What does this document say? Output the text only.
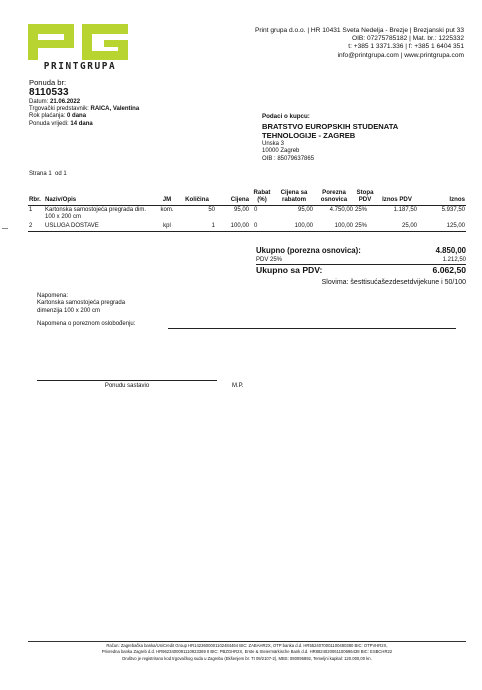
PRINTGRUPA
Print grupa d.o.o. | HR 10431 Sveta Nedelja - Brezje | Brezjanski put 33
OIB: 07275785182 | Mat. br.: 1225332
t: +385 1 3371.336 | f: +385 1 6404 351
info@printgrupa.com | www.printgrupa.com
Ponuda br:
8110533
Datum: 21.06.2022
Trgovački predstavnik: RAICA, Valentina
Rok plaćanja: 0 dana
Ponuda vrijedi: 14 dana
Podaci o kupcu:
BRATSTVO EUROPSKIH STUDENATA
TEHNOLOGIJE - ZAGREB
Unska 3
10000 Zagreb
OIB : 85079637865
Strana 1 od 1
Rbr.	Naziv/Opis	JM	Količina	Cijena	Rabat (%)	Cijena sa rabatom	Porezna osnovica	Stopa PDV	Iznos PDV	Iznos
1	Kartonska samostojeća pregrada dim. 100 x 200 cm	kom.	50	95,00	0	95,00	4.750,00	25%	1.187,50	5.937,50
2	USLUGA DOSTAVE	kpl	1	100,00	0	100,00	100,00	25%	25,00	125,00
Ukupno (porezna osnovica):	4.850,00
PDV 25%	1.212,50
Ukupno sa PDV:	6.062,50
Slovima: šesttisućašezdesetdvijekune i 50/100
Napomena:
Kartonska samostojeća pregrada
dimenzija 100 x 200 cm
Napomena o poreznom oslobođenju:
Ponudu sastavio	M.P.
Račun: Zagrebačka banka/UniCredit Group HR1423600001102484464 BIC: ZABAHR2X, OTP banka d.d. HR5524070001100480380 BIC: OTPVHR2X,
Privredna banka Zagreb d.d. HR9623400091110923369 0 BIC: PBZGHR2X, Erste & Steiermärkische Bank d.d. HR8824020061100696438 BIC: ESBCHR22
Društvo je registrirano kod trgovačkog suda u Zagrebu (Ekšenjem br. Tt 09/2107-2), MBS: 080095892, Temeljni kapital: 120.000,00 kn.
